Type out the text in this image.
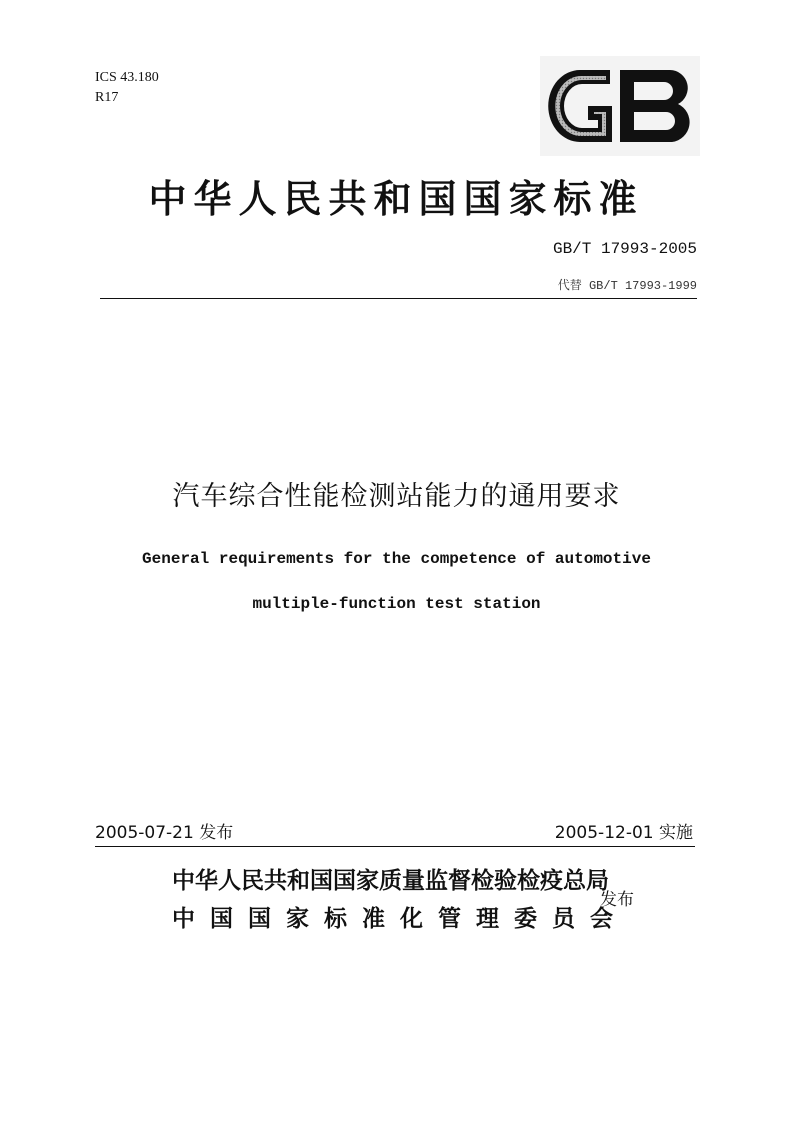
ICS 43.180
R17
中华人民共和国国家标准
GB/T 17993-2005
代替 GB/T 17993-1999
汽车综合性能检测站能力的通用要求
General requirements for the competence of automotive
multiple-function test station
2005-07-21 发布	2005-12-01 实施
中华人民共和国国家质量监督检验检疫总局
中国国家标准化管理委员会
发布
